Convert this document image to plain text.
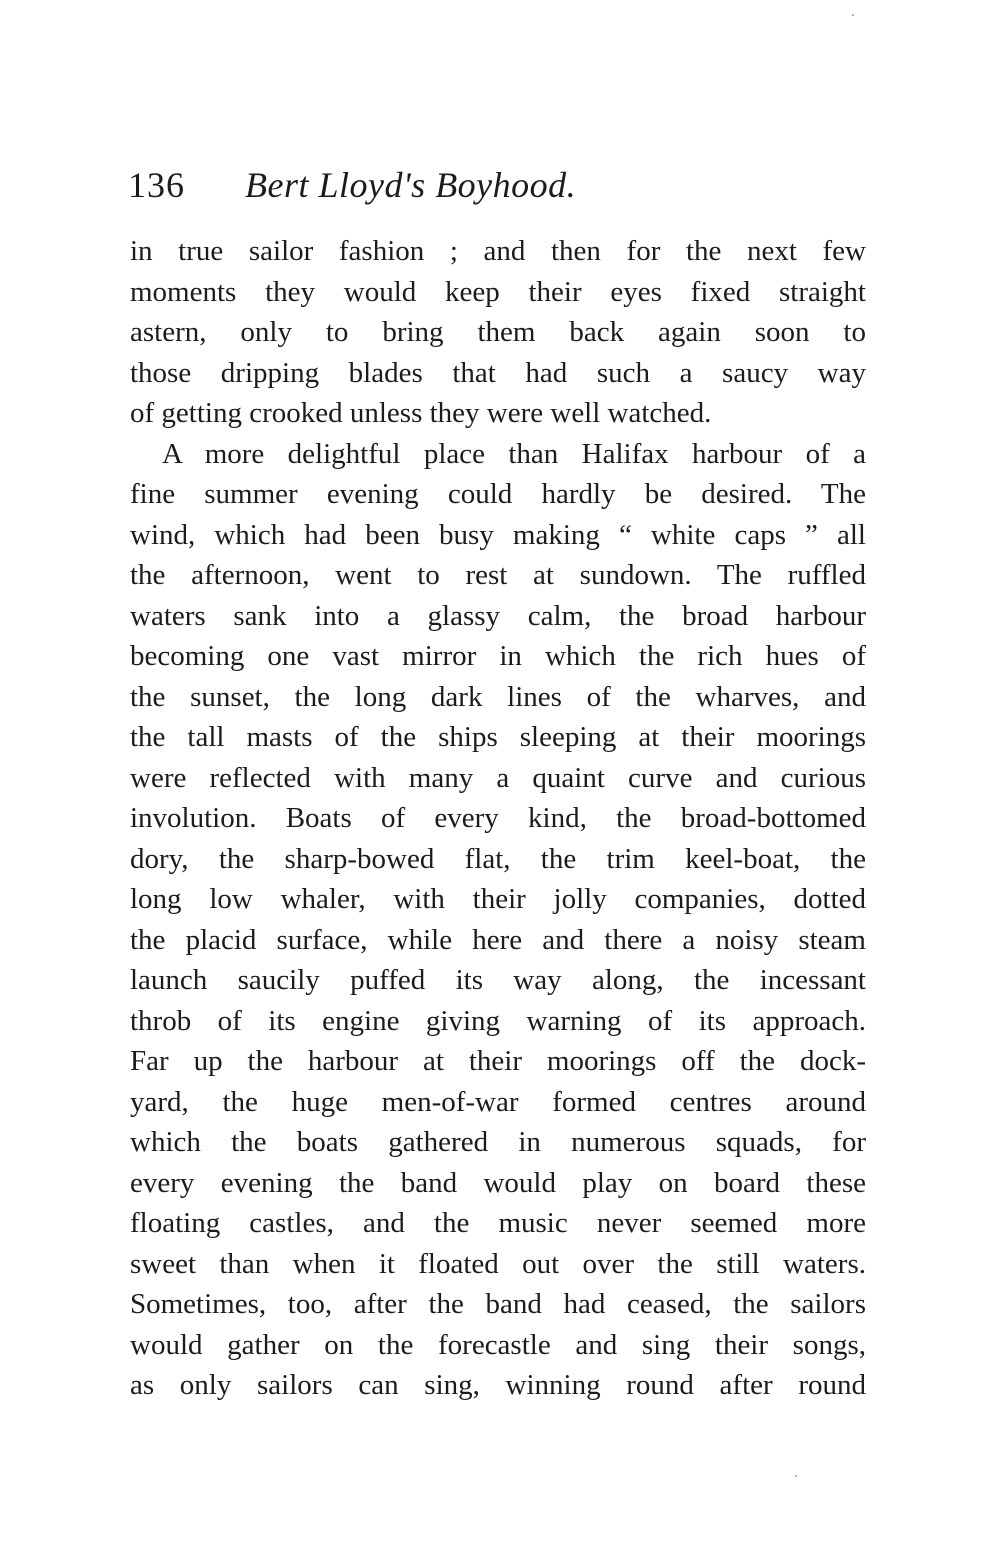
136 Bert Lloyd's Boyhood.
in true sailor fashion ; and then for the next few
moments they would keep their eyes fixed straight
astern, only to bring them back again soon to
those dripping blades that had such a saucy way
of getting crooked unless they were well watched.
A more delightful place than Halifax harbour of a
fine summer evening could hardly be desired. The
wind, which had been busy making “ white caps ” all
the afternoon, went to rest at sundown. The ruffled
waters sank into a glassy calm, the broad harbour
becoming one vast mirror in which the rich hues of
the sunset, the long dark lines of the wharves, and
the tall masts of the ships sleeping at their moorings
were reflected with many a quaint curve and curious
involution. Boats of every kind, the broad-bottomed
dory, the sharp-bowed flat, the trim keel-boat, the
long low whaler, with their jolly companies, dotted
the placid surface, while here and there a noisy steam
launch saucily puffed its way along, the incessant
throb of its engine giving warning of its approach.
Far up the harbour at their moorings off the dock-
yard, the huge men-of-war formed centres around
which the boats gathered in numerous squads, for
every evening the band would play on board these
floating castles, and the music never seemed more
sweet than when it floated out over the still waters.
Sometimes, too, after the band had ceased, the sailors
would gather on the forecastle and sing their songs,
as only sailors can sing, winning round after round
